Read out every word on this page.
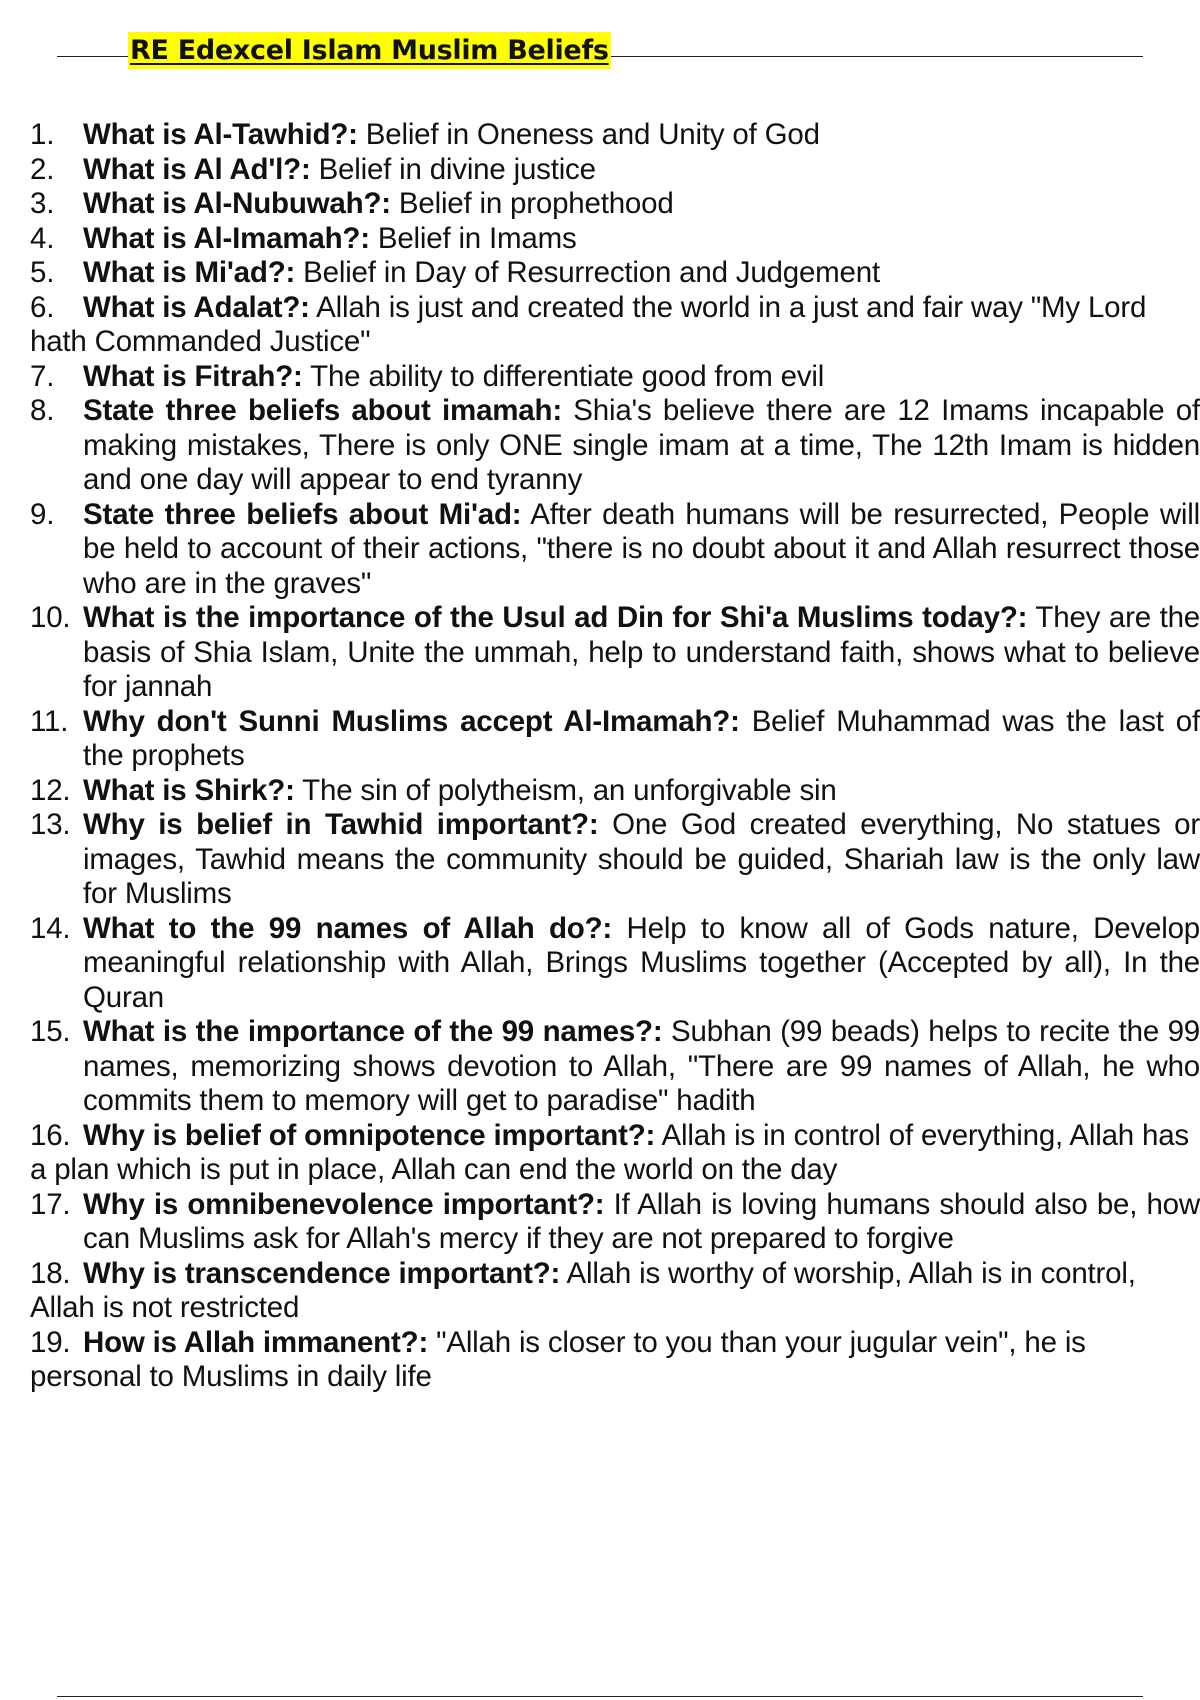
RE Edexcel Islam Muslim Beliefs
1. What is Al-Tawhid?: Belief in Oneness and Unity of God
2. What is Al Ad'l?: Belief in divine justice
3. What is Al-Nubuwah?: Belief in prophethood
4. What is Al-Imamah?: Belief in Imams
5. What is Mi'ad?: Belief in Day of Resurrection and Judgement
6. What is Adalat?: Allah is just and created the world in a just and fair way "My Lord hath Commanded Justice"
7. What is Fitrah?: The ability to differentiate good from evil
8. State three beliefs about imamah: Shia's believe there are 12 Imams incapable of making mistakes, There is only ONE single imam at a time, The 12th Imam is hidden and one day will appear to end tyranny
9. State three beliefs about Mi'ad: After death humans will be resurrected, People will be held to account of their actions, "there is no doubt about it and Allah resurrect those who are in the graves"
10. What is the importance of the Usul ad Din for Shi'a Muslims today?: They are the basis of Shia Islam, Unite the ummah, help to understand faith, shows what to believe for jannah
11. Why don't Sunni Muslims accept Al-Imamah?: Belief Muhammad was the last of the prophets
12. What is Shirk?: The sin of polytheism, an unforgivable sin
13. Why is belief in Tawhid important?: One God created everything, No statues or images, Tawhid means the community should be guided, Shariah law is the only law for Muslims
14. What to the 99 names of Allah do?: Help to know all of Gods nature, Develop meaningful relationship with Allah, Brings Muslims together (Accepted by all), In the Quran
15. What is the importance of the 99 names?: Subhan (99 beads) helps to recite the 99 names, memorizing shows devotion to Allah, "There are 99 names of Allah, he who commits them to memory will get to paradise" hadith
16. Why is belief of omnipotence important?: Allah is in control of everything, Allah has a plan which is put in place, Allah can end the world on the day
17. Why is omnibenevolence important?: If Allah is loving humans should also be, how can Muslims ask for Allah's mercy if they are not prepared to forgive
18. Why is transcendence important?: Allah is worthy of worship, Allah is in control, Allah is not restricted
19. How is Allah immanent?: "Allah is closer to you than your jugular vein", he is personal to Muslims in daily life
